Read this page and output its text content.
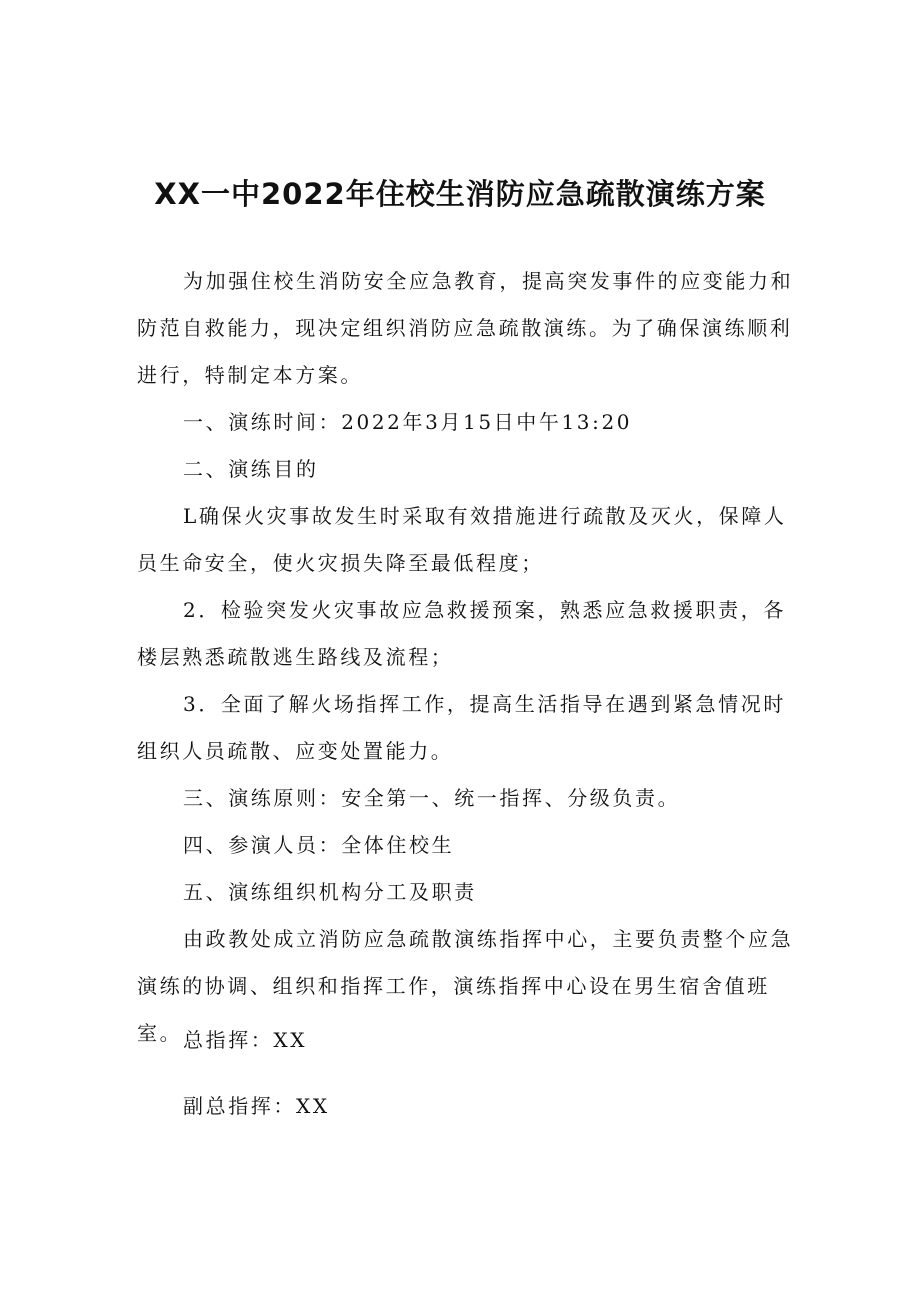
XX一中2022年住校生消防应急疏散演练方案

为加强住校生消防安全应急教育，提高突发事件的应变能力和防范自救能力，现决定组织消防应急疏散演练。为了确保演练顺利进行，特制定本方案。

一、演练时间：2022年3月15日中午13:20

二、演练目的

L确保火灾事故发生时采取有效措施进行疏散及灭火，保障人员生命安全，使火灾损失降至最低程度；

2．检验突发火灾事故应急救援预案，熟悉应急救援职责，各楼层熟悉疏散逃生路线及流程；

3．全面了解火场指挥工作，提高生活指导在遇到紧急情况时组织人员疏散、应变处置能力。

三、演练原则：安全第一、统一指挥、分级负责。

四、参演人员：全体住校生

五、演练组织机构分工及职责

由政教处成立消防应急疏散演练指挥中心，主要负责整个应急演练的协调、组织和指挥工作，演练指挥中心设在男生宿舍值班室。 总指挥：XX

副总指挥：XX
